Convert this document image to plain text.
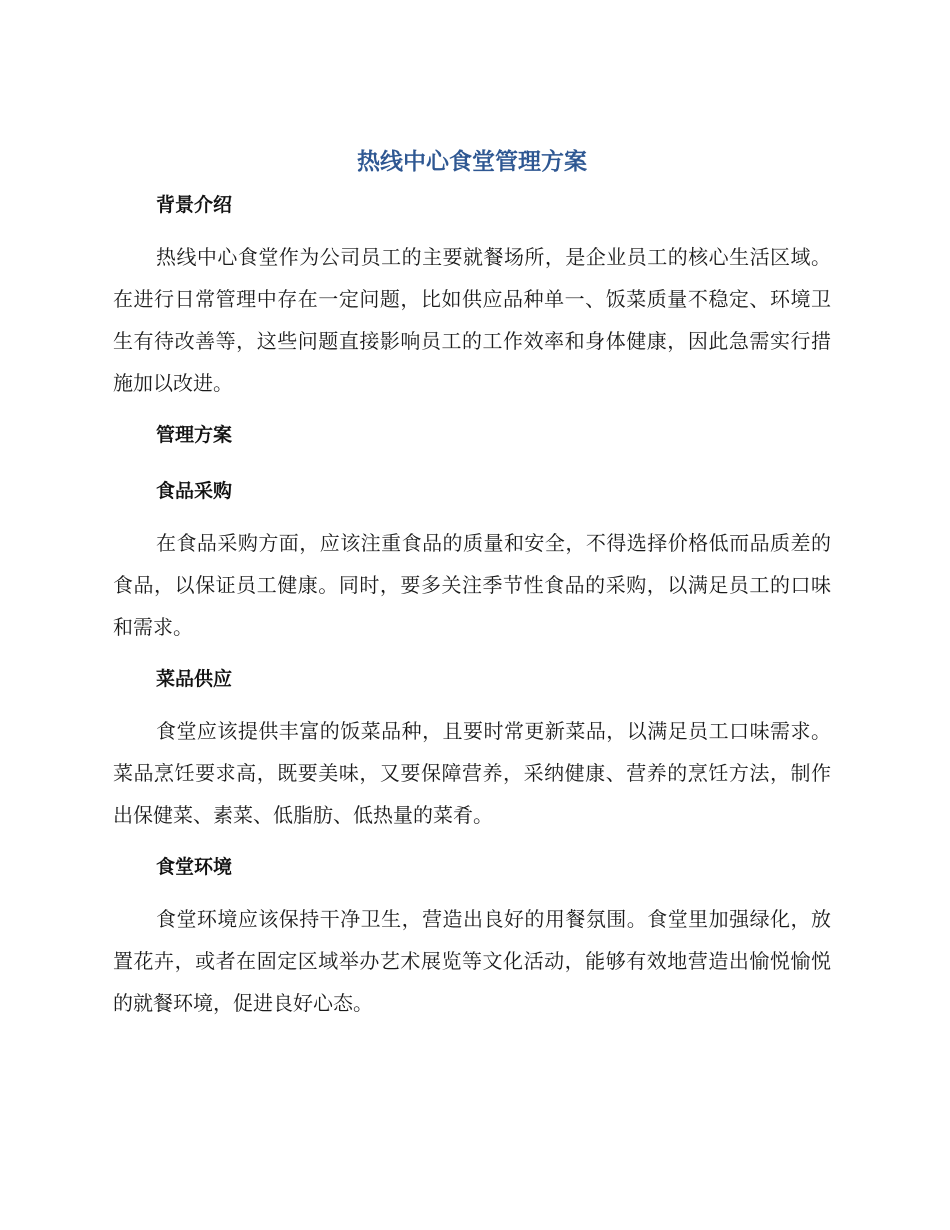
热线中心食堂管理方案
背景介绍

热线中心食堂作为公司员工的主要就餐场所，是企业员工的核心生活区域。在进行日常管理中存在一定问题，比如供应品种单一、饭菜质量不稳定、环境卫生有待改善等，这些问题直接影响员工的工作效率和身体健康，因此急需实行措施加以改进。

管理方案
食品采购

在食品采购方面，应该注重食品的质量和安全，不得选择价格低而品质差的食品，以保证员工健康。同时，要多关注季节性食品的采购，以满足员工的口味和需求。

菜品供应

食堂应该提供丰富的饭菜品种，且要时常更新菜品，以满足员工口味需求。菜品烹饪要求高，既要美味，又要保障营养，采纳健康、营养的烹饪方法，制作出保健菜、素菜、低脂肪、低热量的菜肴。

食堂环境

食堂环境应该保持干净卫生，营造出良好的用餐氛围。食堂里加强绿化，放置花卉，或者在固定区域举办艺术展览等文化活动，能够有效地营造出愉悦愉悦的就餐环境，促进良好心态。
